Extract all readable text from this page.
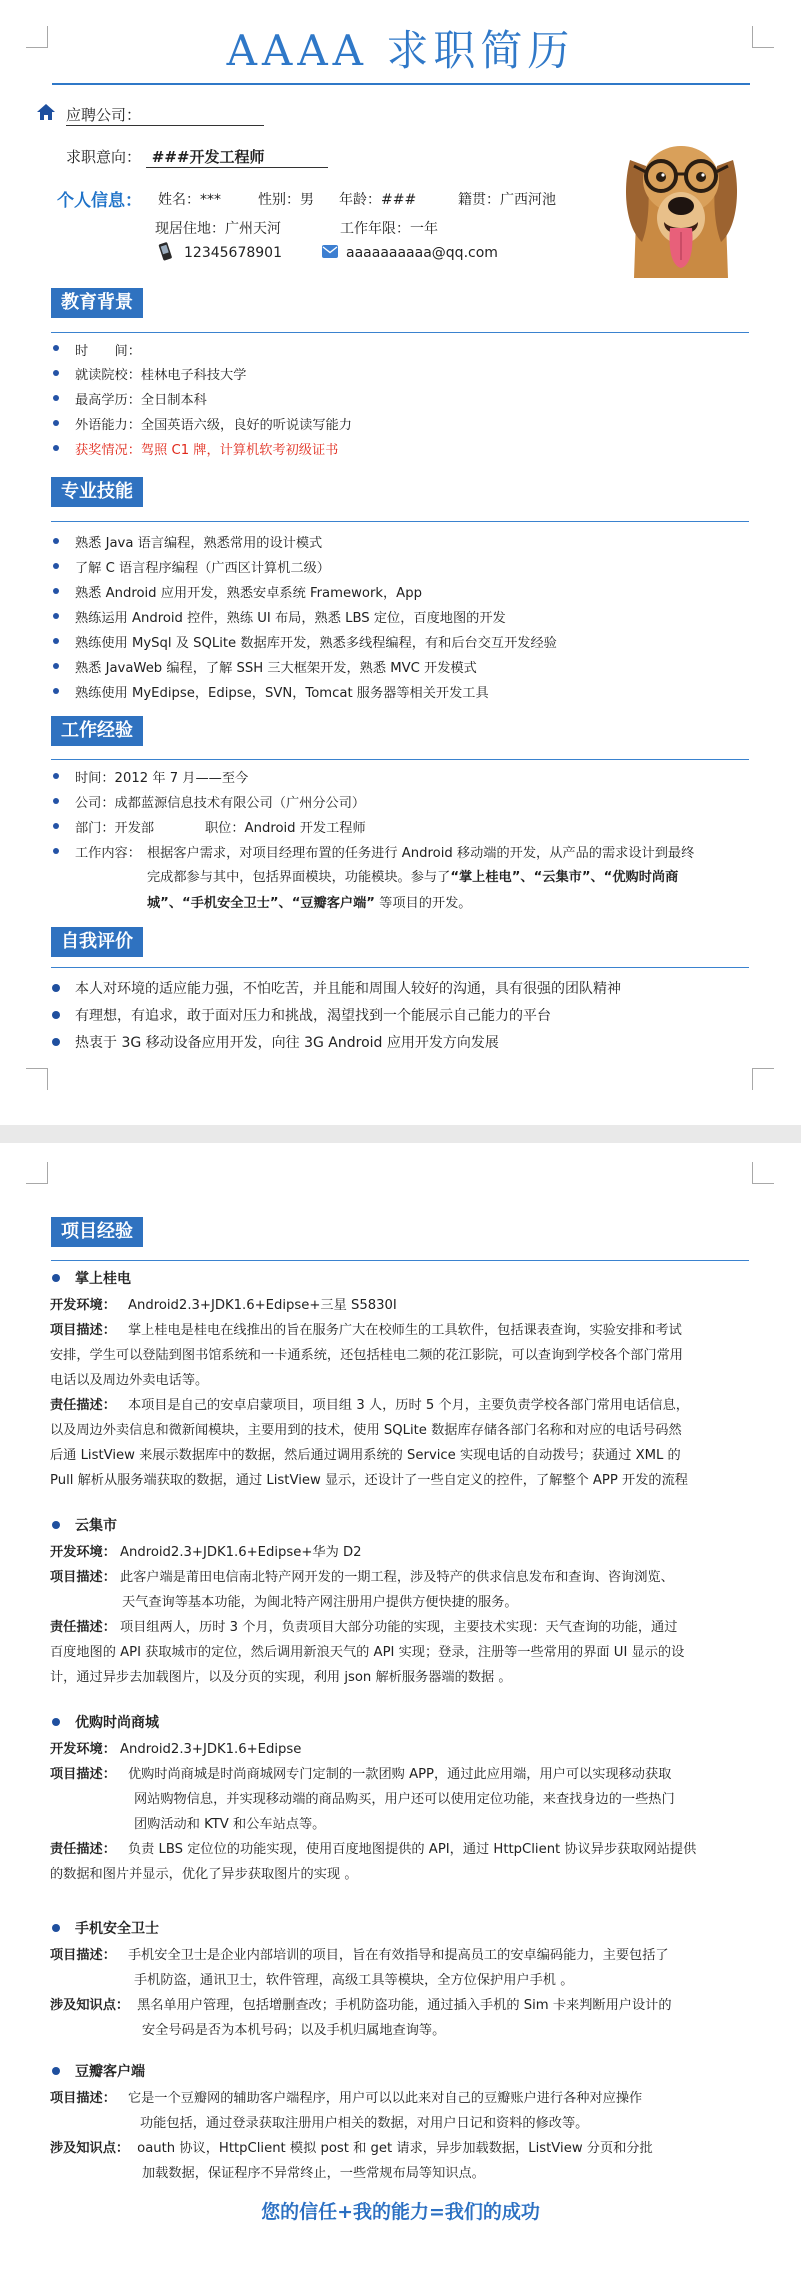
AAAA 求职简历
应聘公司：
求职意向： ###开发工程师
个人信息： 姓名：***	性别：男 年龄：###	籍贯：广西河池
现居住地：广州天河	工作年限：一年
12345678901	aaaaaaaaaa@qq.com
教育背景
时　　间：
就读院校：桂林电子科技大学
最高学历：全日制本科
外语能力：全国英语六级，良好的听说读写能力
获奖情况：驾照 C1 牌，计算机软考初级证书
专业技能
熟悉 Java 语言编程，熟悉常用的设计模式
了解 C 语言程序编程（广西区计算机二级）
熟悉 Android 应用开发，熟悉安卓系统 Framework，App
熟练运用 Android 控件，熟练 UI 布局，熟悉 LBS 定位，百度地图的开发
熟练使用 MySql 及 SQLite 数据库开发，熟悉多线程编程，有和后台交互开发经验
熟悉 JavaWeb 编程，了解 SSH 三大框架开发，熟悉 MVC 开发模式
熟练使用 MyEdipse，Edipse，SVN，Tomcat 服务器等相关开发工具
工作经验
时间：2012 年 7 月——至今
公司：成都蓝源信息技术有限公司（广州分公司）
部门：开发部	职位：Android 开发工程师
工作内容： 根据客户需求，对项目经理布置的任务进行 Android 移动端的开发，从产品的需求设计到最终
完成都参与其中，包括界面模块，功能模块。参与了“掌上桂电”、“云集市”、“优购时尚商
城”、“手机安全卫士”、“豆瓣客户端” 等项目的开发。
自我评价
本人对环境的适应能力强，不怕吃苦，并且能和周围人较好的沟通，具有很强的团队精神
有理想，有追求，敢于面对压力和挑战，渴望找到一个能展示自己能力的平台
热衷于 3G 移动设备应用开发，向往 3G Android 应用开发方向发展
项目经验
掌上桂电
开发环境： Android2.3+JDK1.6+Edipse+三星 S5830I
项目描述： 掌上桂电是桂电在线推出的旨在服务广大在校师生的工具软件，包括课表查询，实验安排和考试
安排，学生可以登陆到图书馆系统和一卡通系统，还包括桂电二频的花江影院，可以查询到学校各个部门常用
电话以及周边外卖电话等。
责任描述： 本项目是自己的安卓启蒙项目，项目组 3 人，历时 5 个月，主要负责学校各部门常用电话信息，
以及周边外卖信息和微新闻模块，主要用到的技术，使用 SQLite 数据库存储各部门名称和对应的电话号码然
后通 ListView 来展示数据库中的数据，然后通过调用系统的 Service 实现电话的自动拨号；获通过 XML 的
Pull 解析从服务端获取的数据，通过 ListView 显示，还设计了一些自定义的控件，了解整个 APP 开发的流程
云集市
开发环境： Android2.3+JDK1.6+Edipse+华为 D2
项目描述： 此客户端是莆田电信南北特产网开发的一期工程，涉及特产的供求信息发布和查询、咨询浏览、
天气查询等基本功能，为闽北特产网注册用户提供方便快捷的服务。
责任描述： 项目组两人，历时 3 个月，负责项目大部分功能的实现，主要技术实现：天气查询的功能，通过
百度地图的 API 获取城市的定位，然后调用新浪天气的 API 实现；登录，注册等一些常用的界面 UI 显示的设
计，通过异步去加载图片，以及分页的实现，利用 json 解析服务器端的数据 。
优购时尚商城
开发环境： Android2.3+JDK1.6+Edipse
项目描述： 优购时尚商城是时尚商城网专门定制的一款团购 APP，通过此应用端，用户可以实现移动获取
网站购物信息，并实现移动端的商品购买，用户还可以使用定位功能，来查找身边的一些热门
团购活动和 KTV 和公车站点等。
责任描述： 负责 LBS 定位位的功能实现，使用百度地图提供的 API，通过 HttpClient 协议异步获取网站提供
的数据和图片并显示，优化了异步获取图片的实现 。
手机安全卫士
项目描述： 手机安全卫士是企业内部培训的项目，旨在有效指导和提高员工的安卓编码能力，主要包括了
手机防盗，通讯卫士，软件管理，高级工具等模块，全方位保护用户手机 。
涉及知识点： 黑名单用户管理，包括增删查改；手机防盗功能，通过插入手机的 Sim 卡来判断用户设计的
安全号码是否为本机号码；以及手机归属地查询等。
豆瓣客户端
项目描述： 它是一个豆瓣网的辅助客户端程序，用户可以以此来对自己的豆瓣账户进行各种对应操作
功能包括，通过登录获取注册用户相关的数据，对用户日记和资料的修改等。
涉及知识点： oauth 协议，HttpClient 模拟 post 和 get 请求，异步加载数据，ListView 分页和分批
加载数据，保证程序不异常终止，一些常规布局等知识点。
您的信任+我的能力=我们的成功
